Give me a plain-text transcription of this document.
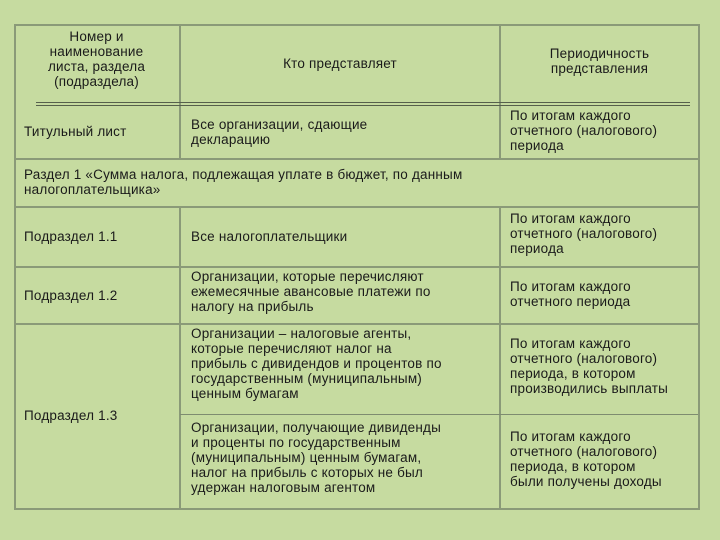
Номер и
наименование
листа, раздела
(подраздела)
Кто представляет
Периодичность
представления
Титульный лист	Все организации, сдающие
декларацию
По итогам каждого
отчетного (налогового)
периода
Раздел 1 «Сумма налога, подлежащая уплате в бюджет, по данным
налогоплательщика»
Подраздел 1.1	Все налогоплательщики
По итогам каждого
отчетного (налогового)
периода
Подраздел 1.2
Организации, которые перечисляют
ежемесячные авансовые платежи по
налогу на прибыль
По итогам каждого
отчетного периода
Подраздел 1.3
Организации – налоговые агенты,
которые перечисляют налог на
прибыль с дивидендов и процентов по
государственным (муниципальным)
ценным бумагам
По итогам каждого
отчетного (налогового)
периода, в котором
производились выплаты
Организации, получающие дивиденды
и проценты по государственным
(муниципальным) ценным бумагам,
налог на прибыль с которых не был
удержан налоговым агентом
По итогам каждого
отчетного (налогового)
периода, в котором
были получены доходы
